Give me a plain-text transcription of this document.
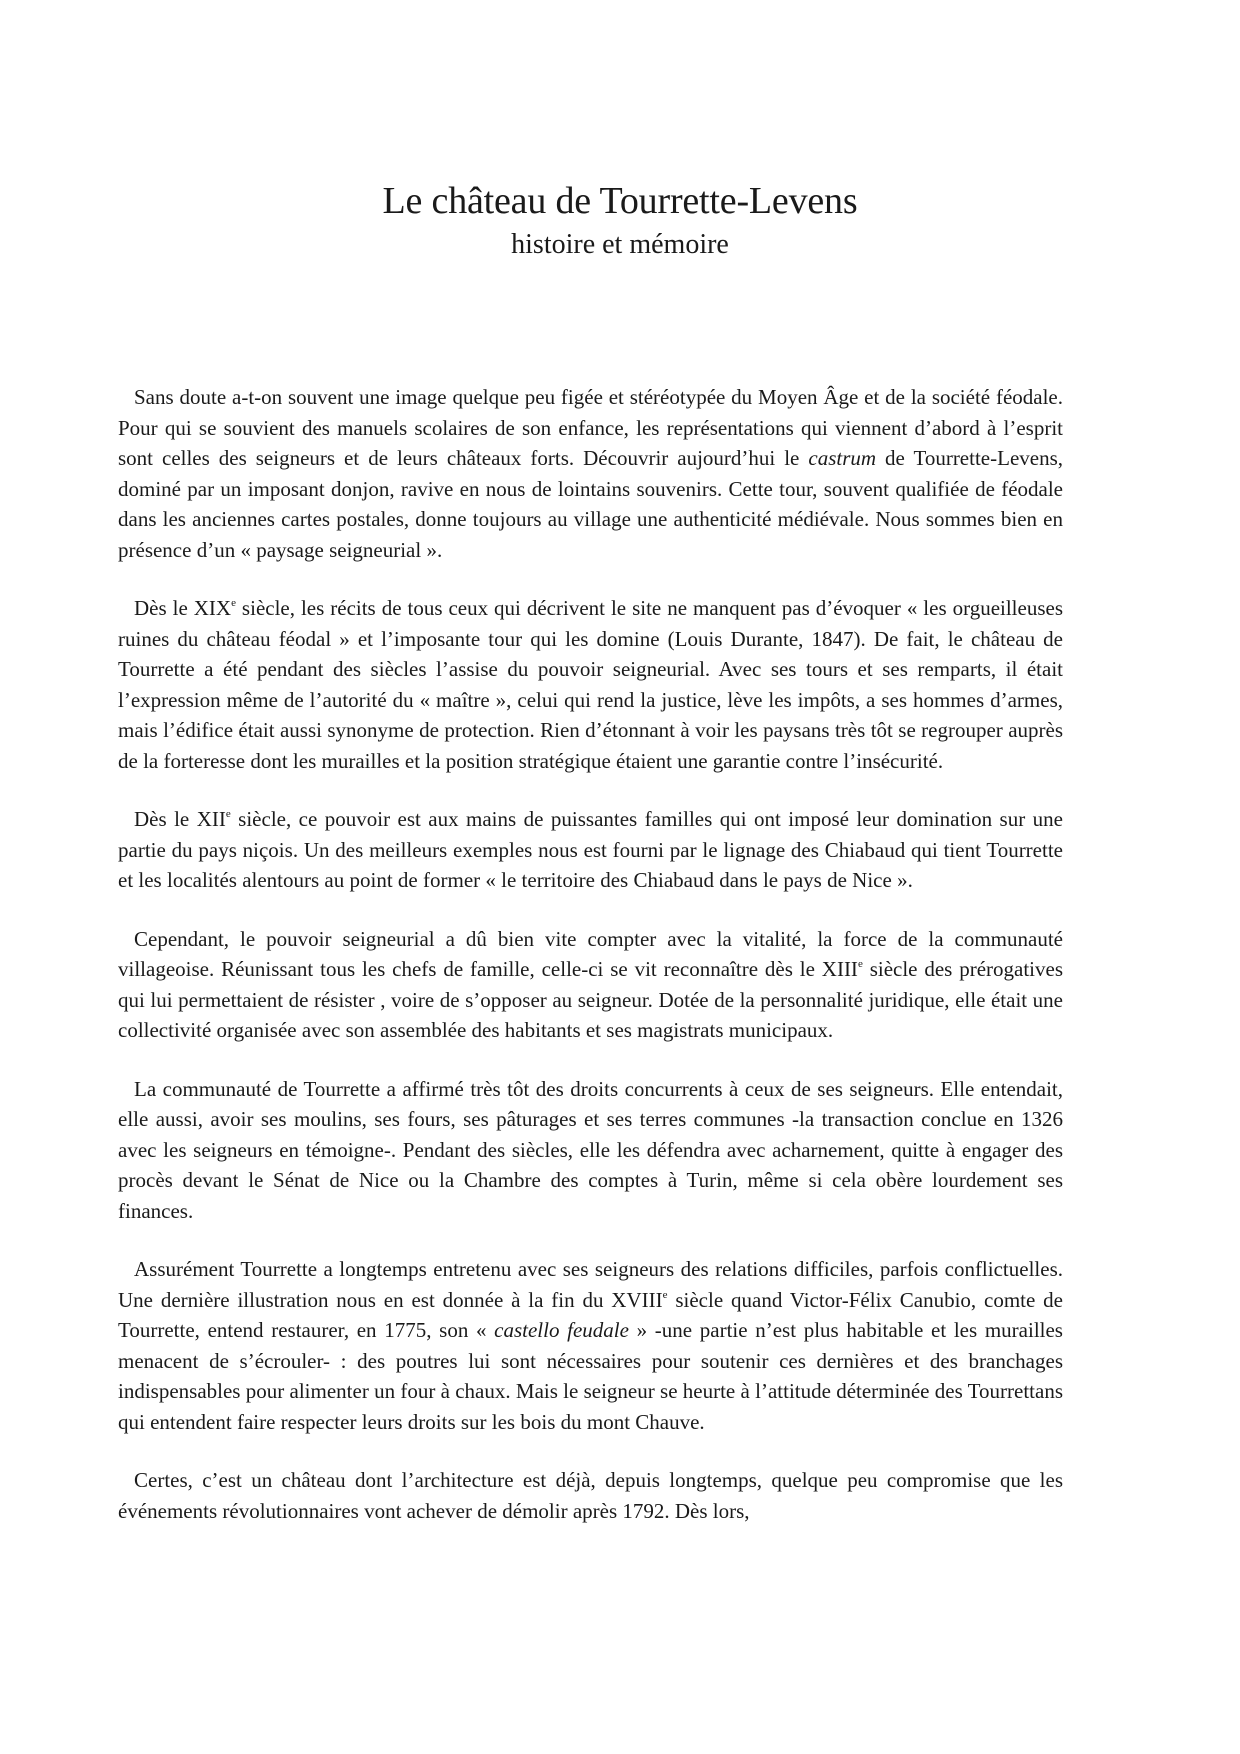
Le château de Tourrette-Levens
histoire et mémoire

Sans doute a-t-on souvent une image quelque peu figée et stéréotypée du Moyen Âge et de la société féodale. Pour qui se souvient des manuels scolaires de son enfance, les représentations qui viennent d’abord à l’esprit sont celles des seigneurs et de leurs châteaux forts. Découvrir aujourd’hui le castrum de Tourrette-Levens, dominé par un imposant donjon, ravive en nous de lointains souvenirs. Cette tour, souvent qualifiée de féodale dans les anciennes cartes postales, donne toujours au village une authenticité médiévale. Nous sommes bien en présence d’un « paysage seigneurial ».

Dès le XIXe siècle, les récits de tous ceux qui décrivent le site ne manquent pas d’évoquer « les orgueilleuses ruines du château féodal » et l’imposante tour qui les domine (Louis Durante, 1847). De fait, le château de Tourrette a été pendant des siècles l’assise du pouvoir seigneurial. Avec ses tours et ses remparts, il était l’expression même de l’autorité du « maître », celui qui rend la justice, lève les impôts, a ses hommes d’armes, mais l’édifice était aussi synonyme de protection. Rien d’étonnant à voir les paysans très tôt se regrouper auprès de la forteresse dont les murailles et la position stratégique étaient une garantie contre l’insécurité.

Dès le XIIe siècle, ce pouvoir est aux mains de puissantes familles qui ont imposé leur domination sur une partie du pays niçois. Un des meilleurs exemples nous est fourni par le lignage des Chiabaud qui tient Tourrette et les localités alentours au point de former « le territoire des Chiabaud dans le pays de Nice ».

Cependant, le pouvoir seigneurial a dû bien vite compter avec la vitalité, la force de la communauté villageoise. Réunissant tous les chefs de famille, celle-ci se vit reconnaître dès le XIIIe siècle des prérogatives qui lui permettaient de résister , voire de s’opposer au seigneur. Dotée de la personnalité juridique, elle était une collectivité organisée avec son assemblée des habitants et ses magistrats municipaux.

La communauté de Tourrette a affirmé très tôt des droits concurrents à ceux de ses seigneurs. Elle entendait, elle aussi, avoir ses moulins, ses fours, ses pâturages et ses terres communes -la transaction conclue en 1326 avec les seigneurs en témoigne-. Pendant des siècles, elle les défendra avec acharnement, quitte à engager des procès devant le Sénat de Nice ou la Chambre des comptes à Turin, même si cela obère lourdement ses finances.

Assurément Tourrette a longtemps entretenu avec ses seigneurs des relations difficiles, parfois conflictuelles. Une dernière illustration nous en est donnée à la fin du XVIIIe siècle quand Victor-Félix Canubio, comte de Tourrette, entend restaurer, en 1775, son « castello feudale » -une partie n’est plus habitable et les murailles menacent de s’écrouler- : des poutres lui sont nécessaires pour soutenir ces dernières et des branchages indispensables pour alimenter un four à chaux. Mais le seigneur se heurte à l’attitude déterminée des Tourrettans qui entendent faire respecter leurs droits sur les bois du mont Chauve.

Certes, c’est un château dont l’architecture est déjà, depuis longtemps, quelque peu compromise que les événements révolutionnaires vont achever de démolir après 1792. Dès lors,
